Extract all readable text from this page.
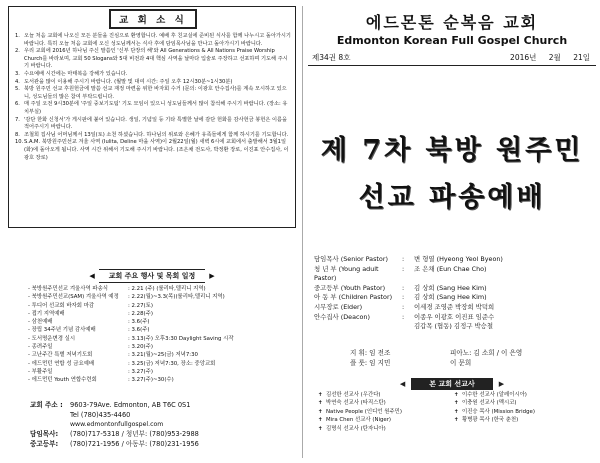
교 회 소 식
1. 오늘 처음 교회에 나오신 모든 분들을 진심으로 환영합니다. 예배 후 친교실에 준비된 식사를 함께 나누시고 돌아가시기 바랍니다. 특히 오늘 처음 교회에 오신 성도님께서는 식사 후에 담임목사님을 만나고 돌아가시기 바랍니다.
2. 우리 교회에 2016년 하나님 주신 말씀인 '신부 단장의 해'와 All Generations & All Nations Praise Worship Church를 바라보며, 교회 50 Slogans와 5대 비전과 4대 핵심 사역을 날마다 입술로 주장하고 선포하며 기도해 주시기 바랍니다.
3. 수요예배 시간에는 마태복음 강해가 있습니다.
4. 도서관을 많이 이용해 주시기 바랍니다. (월말 및 대여 시간: 주일 오후 12시30분~1시30분)
5. 북방 원주민 선교 후원헌금에 말씀 선교 재정 마련을 위한 바자회 수거 (문의: 이광호 안수집사)를 계속 모시하고 있으니, 성도님들의 많은 참여 부탁드립니다.
6. 매 주일 오전 9시30분에 '주일 중보기도팀' 기도 모임이 있으니 성도님들께서 많이 참석해 주시기 바랍니다. (장소: 유치부실)
7. '감단 한화 신청서'가 게시판에 붙어 있습니다. 생일, 기념일 등 기타 특별한 날에 감단 헌화를 감사헌금 봉헌은 이름을 적어주시기 바랍니다.
8. 조철희 집사님 어머님께서 13일(토) 소천 하셨습니다. 하나님의 위로와 은혜가 유족들에게 함께 하시기를 기도합니다.
10. S.A.M. 북방원주민선교 겨울 사역 (Iulita, Deline 마을 사역)이 2월22일(월) 새벽 6시에 교회에서 출발해서 3월1일(화)에 돌아오게 됩니다. 사역 시간 위해서 기도해 주시기 바랍니다. (조은채 전도사, 박정환 장로, 이진표 안수집사, 이광호 장로)
◀	교회 주요 행사 및 목회 일정	▶
- 북방원주민선교 겨울사역 파송식	: 2.21 (주) (룰리타,델리니 지역)
- 북방원주민선교(SAM) 겨울사역 예정	: 2.22(월)~3.3(목)(룰리타,델리니 지역)
- 투디어 선교회 바자회 마감	: 2.27(토)
- 접기 지역예배	: 2.28(주)
- 삼천예배	: 3.6(주)
- 장립 34주년 기념 감사예배	: 3.6(주)
- 도서명운변경 실시	: 3.13(주) 오후3:30 Daylight Saving 시작
- 종려주일	: 3.20(주)
- 고난주간 특별 저녁기도회	: 3.21(월)~25(금) 저녁7:30
- 에드먼턴 연합 성 금요예배	: 3.25(금) 저녁7:30, 장소: 중앙교회
- 부활주일	: 3.27(주)
- 에드먼턴 Youth 연합수련회	: 3.27(주)~30(수)
교회 주소 :	9603-79Ave. Edmonton, AB T6C 0S1
Tel
(780)435-4460
www.edmontonfullgospel.com
담임목사:	(780)717-5318
/ 청년부:
(780)953-2988
중고등부:	(780)721-1956
/ 아동부:
(780)231-1956
에드몬톤 순복음 교회
Edmonton Korean Full Gospel Church
제34권 8호	2016년 2월 21일
제 7차 북방 원주민
선교 파송예배
담임목사 (Senior Pastor)	:	변 형열 (Hyeong Yeol Byeon)
청 년 부 (Young adult Pastor)
:	조 은채 (Eun Chae Cho)
중고등부 (Youth Pastor)	:	김 상희 (Sang Hee Kim)
아 동 부 (Children Pastor)	:	김 상희 (Sang Hee Kim)
시무장로 (Elder)	:	이세경 조영준 박장희 박덕희
안수집사 (Deacon)	:	이종우 이광호 이진표 임준수
김갑목 (협동) 김정구 박승철
지 휘: 임 전조	피아노: 김 소희 / 이 은영
플 룻: 임 지민	이 문희
◀	본 교회 선교사	▶
✝ 김선한 선교사 (우간다)
✝ 박연숙 선교사 (타직스탄)
✝ Native People (인디언 원주민)
✝ Mira Chen 선교사 (Niger)
✝ 김명식 선교사 (탄자니아)
✝ 이수한 선교사 (알레이시아)
✝ 이충원 선교사 (멕시코)
✝ 이진승 목사 (Mission Bridge)
✝ 황병광 목사 (한국 춘천)
